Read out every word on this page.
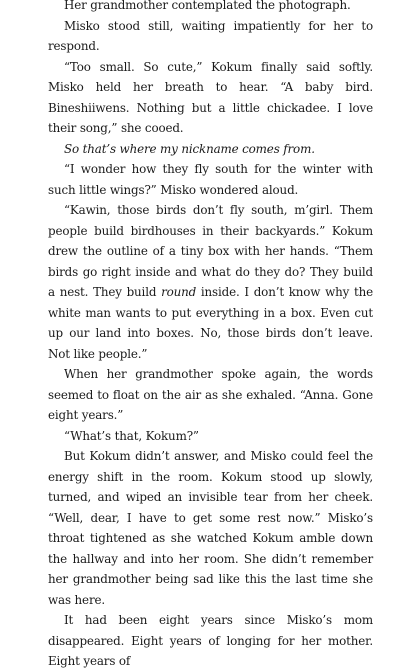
Her grandmother contemplated the photograph.

Misko stood still, waiting impatiently for her to respond.

“Too small. So cute,” Kokum finally said softly. Misko held her breath to hear. “A baby bird. Bineshiiwens. Nothing but a little chickadee. I love their song,” she cooed.

So that’s where my nickname comes from.

“I wonder how they fly south for the winter with such little wings?” Misko wondered aloud.

“Kawin, those birds don’t fly south, m’girl. Them people build birdhouses in their backyards.” Kokum drew the outline of a tiny box with her hands. “Them birds go right inside and what do they do? They build a nest. They build round inside. I don’t know why the white man wants to put everything in a box. Even cut up our land into boxes. No, those birds don’t leave. Not like people.”

When her grandmother spoke again, the words seemed to float on the air as she exhaled. “Anna. Gone eight years.”

“What’s that, Kokum?”

But Kokum didn’t answer, and Misko could feel the energy shift in the room. Kokum stood up slowly, turned, and wiped an invisible tear from her cheek. “Well, dear, I have to get some rest now.” Misko’s throat tightened as she watched Kokum amble down the hallway and into her room. She didn’t remember her grandmother being sad like this the last time she was here.

It had been eight years since Misko’s mom disappeared. Eight years of longing for her mother. Eight years of
